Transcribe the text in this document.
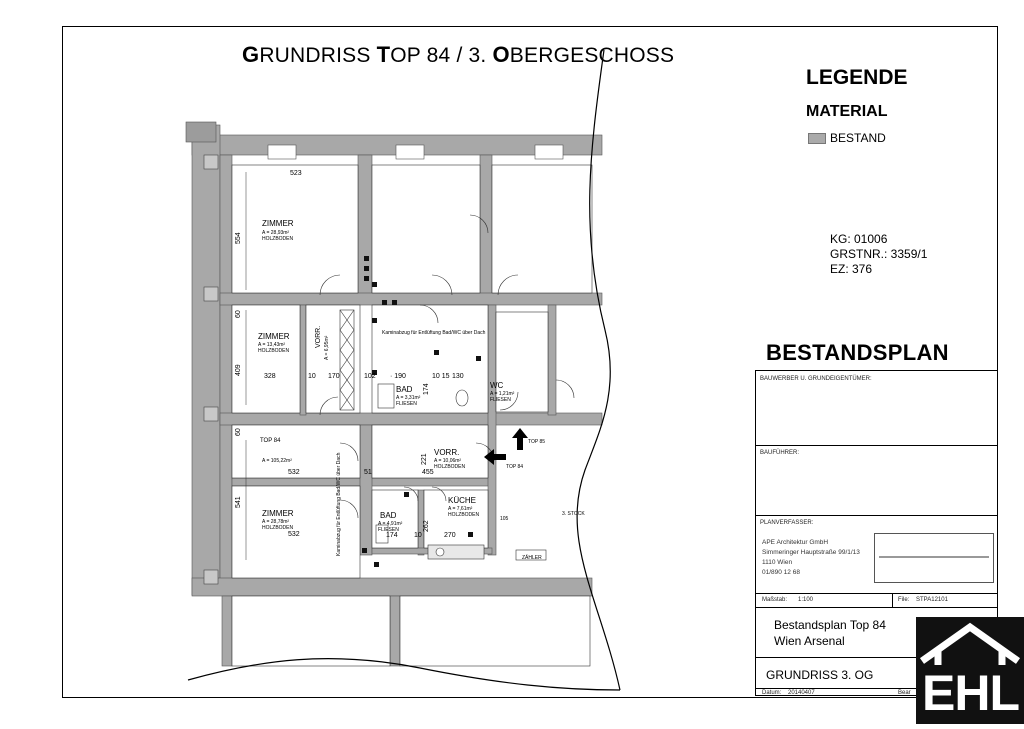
GRUNDRISS TOP 84 / 3. OBERGESCHOSS
ZIMMER
A = 28,93m²
HOLZBODEN
ZIMMER
A = 13,43m²
HOLZBODEN
VORR. A = 6,95m²
BAD
A = 3,31m²
FLIESEN
WC
A = 1,21m²
FLIESEN
TOP 84
A = 105,22m²
VORR.
A = 10,06m²
HOLZBODEN
ZIMMER
A = 28,78m²
HOLZBODEN
BAD
A = 4,91m²
FLIESEN
KÜCHE
A = 7,61m²
HOLZBODEN	3. STOCK
Kaminabzug für Entlüftung Bad/WC über Dach
Kaminabzug für Entlüftung Bad/WC über Dach
TOP 85
TOP 84
ZÄHLER
523
554
60
409
328	10 170	102 · 190	10 15 130
60
532	51	455
221
541
532	174 10	270
262
174
105
LEGENDE
MATERIAL
BESTAND
KG: 01006
GRSTNR.: 3359/1
EZ: 376
BESTANDSPLAN
BAUWERBER U. GRUNDEIGENTÜMER:
BAUFÜHRER:
PLANVERFASSER:
APE Architektur GmbH
Simmeringer Hauptstraße 99/1/13
1110 Wien
01/890 12 68
Maßstab: 1:100	File: STPA12101
Bestandsplan Top 84
Wien Arsenal
GRUNDRISS 3. OG
Datum: 20140407	Bear EHL
